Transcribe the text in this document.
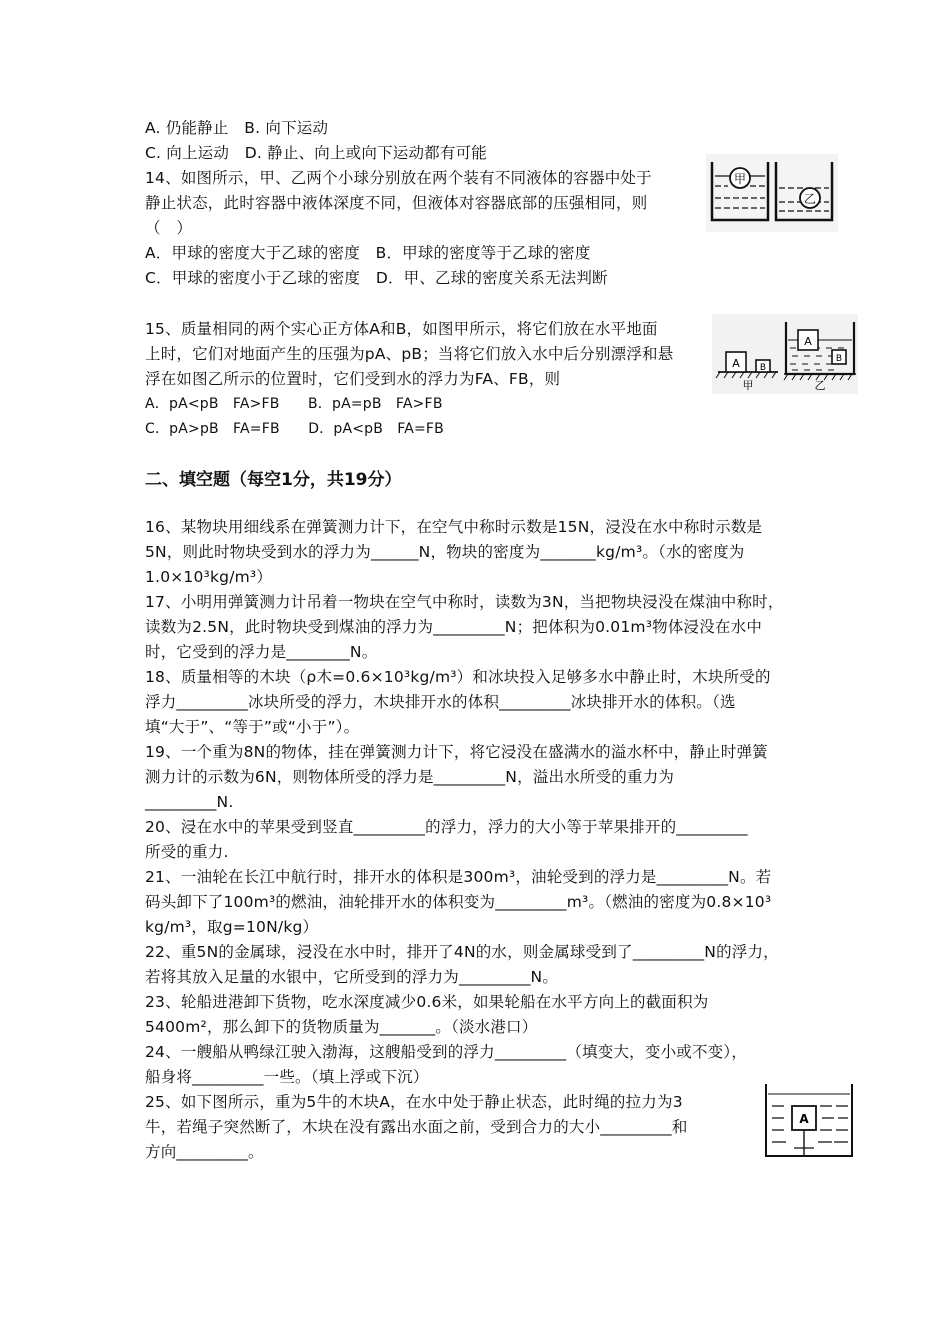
A. 仍能静止　B. 向下运动
C. 向上运动　D. 静止、向上或向下运动都有可能
14、如图所示，甲、乙两个小球分别放在两个装有不同液体的容器中处于
静止状态，此时容器中液体深度不同，但液体对容器底部的压强相同，则
（　）
A．甲球的密度大于乙球的密度　B．甲球的密度等于乙球的密度
C．甲球的密度小于乙球的密度　D．甲、乙球的密度关系无法判断
甲
乙
15、质量相同的两个实心正方体A和B，如图甲所示，将它们放在水平地面
上时，它们对地面产生的压强为pA、pB；当将它们放入水中后分别漂浮和悬
浮在如图乙所示的位置时，它们受到水的浮力为FA、FB，则
A．pA<pB　FA>FB　　B．pA=pB　FA>FB
C．pA>pB　FA=FB　　D．pA<pB　FA=FB
A B
甲
A
B
乙
二、填空题（每空1分，共19分）
16、某物块用细线系在弹簧测力计下，在空气中称时示数是15N，浸没在水中称时示数是
5N，则此时物块受到水的浮力为______N，物块的密度为_______kg/m³。（水的密度为
1.0×10³kg/m³）
17、小明用弹簧测力计吊着一物块在空气中称时，读数为3N，当把物块浸没在煤油中称时，
读数为2.5N，此时物块受到煤油的浮力为_________N；把体积为0.01m³物体浸没在水中
时，它受到的浮力是________N。
18、质量相等的木块（ρ木=0.6×10³kg/m³）和冰块投入足够多水中静止时，木块所受的
浮力_________冰块所受的浮力，木块排开水的体积_________冰块排开水的体积。（选
填“大于”、“等于”或“小于”）。
19、一个重为8N的物体，挂在弹簧测力计下，将它浸没在盛满水的溢水杯中，静止时弹簧
测力计的示数为6N，则物体所受的浮力是_________N，溢出水所受的重力为
_________N.
20、浸在水中的苹果受到竖直_________的浮力，浮力的大小等于苹果排开的_________
所受的重力.
21、一油轮在长江中航行时，排开水的体积是300m³，油轮受到的浮力是_________N。若
码头卸下了100m³的燃油，油轮排开水的体积变为_________m³。（燃油的密度为0.8×10³
kg/m³，取g=10N/kg）
22、重5N的金属球，浸没在水中时，排开了4N的水，则金属球受到了_________N的浮力，
若将其放入足量的水银中，它所受到的浮力为_________N。
23、轮船进港卸下货物，吃水深度减少0.6米，如果轮船在水平方向上的截面积为
5400m²，那么卸下的货物质量为_______。（淡水港口）
24、一艘船从鸭绿江驶入渤海，这艘船受到的浮力_________（填变大，变小或不变），
船身将_________一些。（填上浮或下沉）
25、如下图所示，重为5牛的木块A，在水中处于静止状态，此时绳的拉力为3
牛，若绳子突然断了，木块在没有露出水面之前，受到合力的大小_________和
方向_________。
A
